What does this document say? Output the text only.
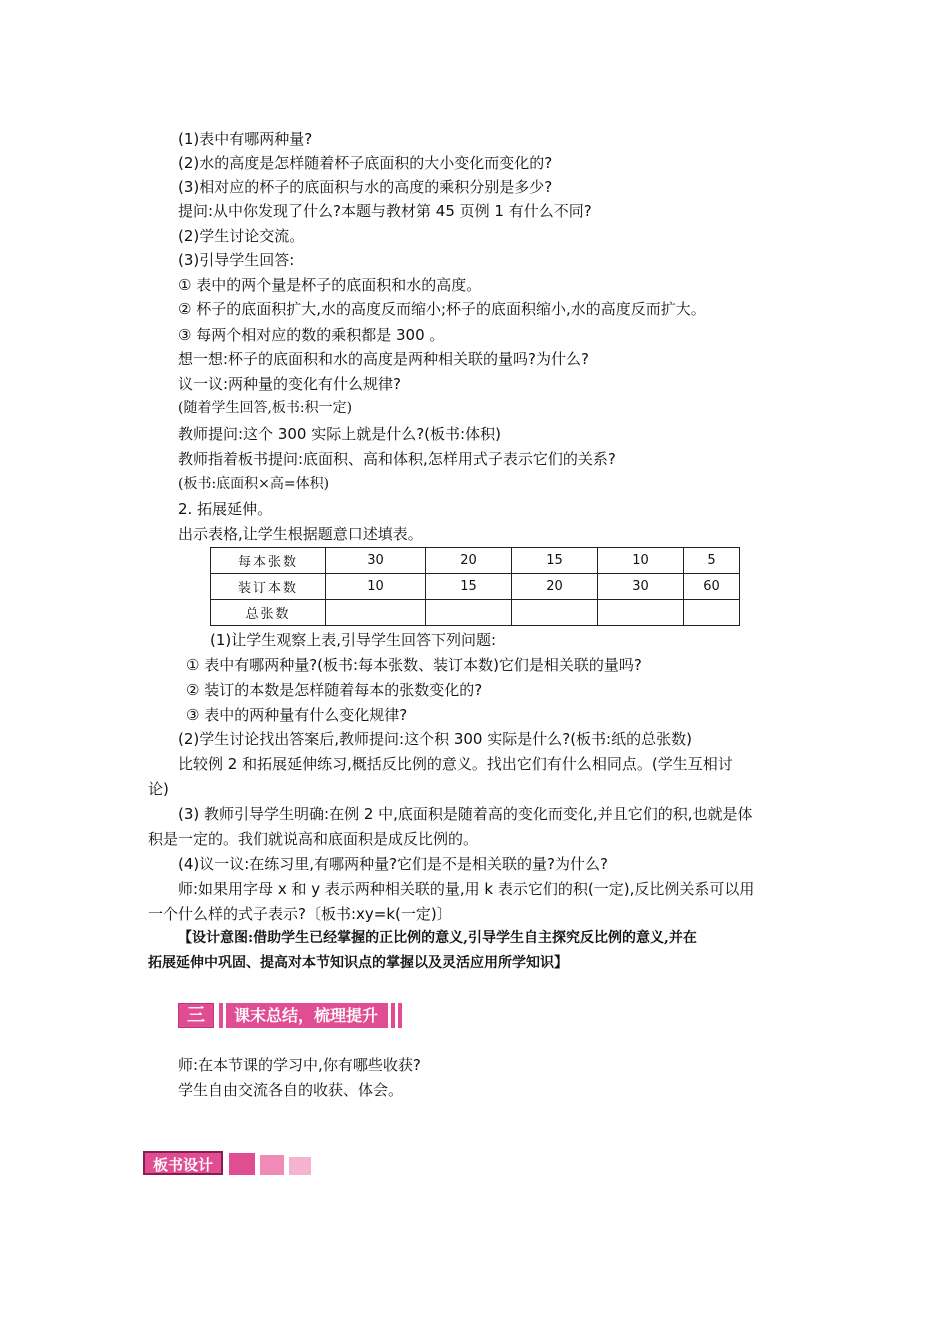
(1)表中有哪两种量?
(2)水的高度是怎样随着杯子底面积的大小变化而变化的?
(3)相对应的杯子的底面积与水的高度的乘积分别是多少?
提问:从中你发现了什么?本题与教材第 45 页例 1 有什么不同?
(2)学生讨论交流。
(3)引导学生回答:
① 表中的两个量是杯子的底面积和水的高度。
② 杯子的底面积扩大,水的高度反而缩小;杯子的底面积缩小,水的高度反而扩大。
③ 每两个相对应的数的乘积都是 300 。
想一想:杯子的底面积和水的高度是两种相关联的量吗?为什么?
议一议:两种量的变化有什么规律?
(随着学生回答,板书:积一定)
教师提问:这个 300 实际上就是什么?(板书:体积)
教师指着板书提问:底面积、高和体积,怎样用式子表示它们的关系?
(板书:底面积×高=体积)
2. 拓展延伸。
出示表格,让学生根据题意口述填表。
每本张数	30	20	15	10	5
装订本数	10	15	20	30	60
总张数					
(1)让学生观察上表,引导学生回答下列问题:
① 表中有哪两种量?(板书:每本张数、装订本数)它们是相关联的量吗?
② 装订的本数是怎样随着每本的张数变化的?
③ 表中的两种量有什么变化规律?
(2)学生讨论找出答案后,教师提问:这个积 300 实际是什么?(板书:纸的总张数)
比较例 2 和拓展延伸练习,概括反比例的意义。找出它们有什么相同点。(学生互相讨
论)
(3) 教师引导学生明确:在例 2 中,底面积是随着高的变化而变化,并且它们的积,也就是体
积是一定的。我们就说高和底面积是成反比例的。
(4)议一议:在练习里,有哪两种量?它们是不是相关联的量?为什么?
师:如果用字母 x 和 y 表示两种相关联的量,用 k 表示它们的积(一定),反比例关系可以用
一个什么样的式子表示?〔板书:xy=k(一定)〕
【设计意图:借助学生已经掌握的正比例的意义,引导学生自主探究反比例的意义,并在
拓展延伸中巩固、提高对本节知识点的掌握以及灵活应用所学知识】
三	课末总结，梳理提升
师:在本节课的学习中,你有哪些收获?
学生自由交流各自的收获、体会。
板书设计
